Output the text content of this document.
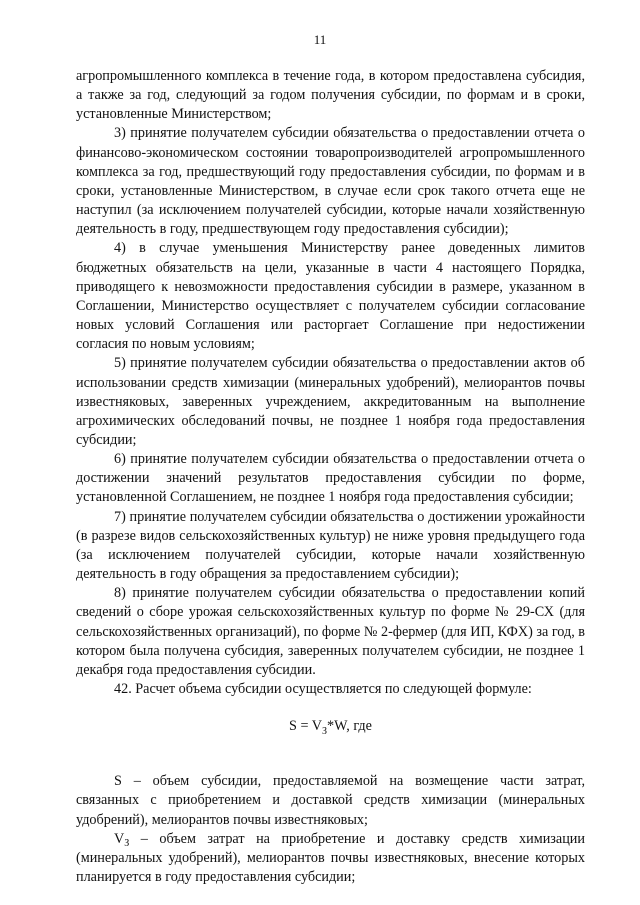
11

агропромышленного комплекса в течение года, в котором предоставлена субсидия, а также за год, следующий за годом получения субсидии, по формам и в сроки, установленные Министерством;

3) принятие получателем субсидии обязательства о предоставлении отчета о финансово-экономическом состоянии товаропроизводителей агропромышленного комплекса за год, предшествующий году предоставления субсидии, по формам и в сроки, установленные Министерством, в случае если срок такого отчета еще не наступил (за исключением получателей субсидии, которые начали хозяйственную деятельность в году, предшествующем году предоставления субсидии);

4) в случае уменьшения Министерству ранее доведенных лимитов бюджетных обязательств на цели, указанные в части 4 настоящего Порядка, приводящего к невозможности предоставления субсидии в размере, указанном в Соглашении, Министерство осуществляет с получателем субсидии согласование новых условий Соглашения или расторгает Соглашение при недостижении согласия по новым условиям;

5) принятие получателем субсидии обязательства о предоставлении актов об использовании средств химизации (минеральных удобрений), мелиорантов почвы известняковых, заверенных учреждением, аккредитованным на выполнение агрохимических обследований почвы, не позднее 1 ноября года предоставления субсидии;

6) принятие получателем субсидии обязательства о предоставлении отчета о достижении значений результатов предоставления субсидии по форме, установленной Соглашением, не позднее 1 ноября года предоставления субсидии;

7) принятие получателем субсидии обязательства о достижении урожайности (в разрезе видов сельскохозяйственных культур) не ниже уровня предыдущего года (за исключением получателей субсидии, которые начали хозяйственную деятельность в году обращения за предоставлением субсидии);

8) принятие получателем субсидии обязательства о предоставлении копий сведений о сборе урожая сельскохозяйственных культур по форме № 29-СХ (для сельскохозяйственных организаций), по форме № 2-фермер (для ИП, КФХ) за год, в котором была получена субсидия, заверенных получателем субсидии, не позднее 1 декабря года предоставления субсидии.

42. Расчет объема субсидии осуществляется по следующей формуле:

$S = V_З*W$, где

S – объем субсидии, предоставляемой на возмещение части затрат, связанных с приобретением и доставкой средств химизации (минеральных удобрений), мелиорантов почвы известняковых;

$V_З$ – объем затрат на приобретение и доставку средств химизации (минеральных удобрений), мелиорантов почвы известняковых, внесение которых планируется в году предоставления субсидии;
